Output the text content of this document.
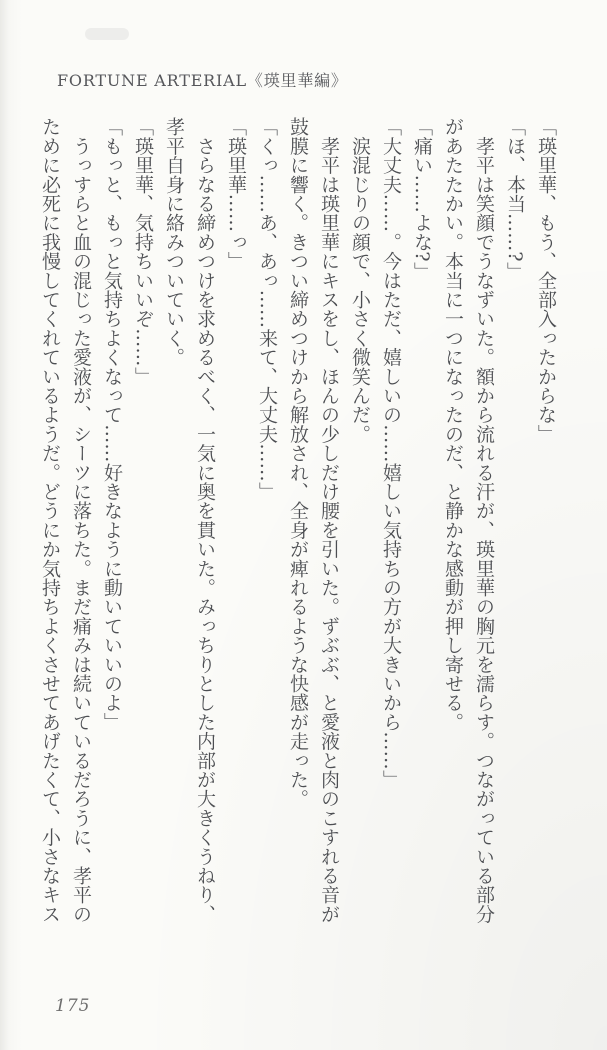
FORTUNE ARTERIAL《瑛里華編》
「瑛里華、もう、全部入ったからな」
「ほ、本当……?」
　孝平は笑顔でうなずいた。額から流れる汗が、瑛里華の胸元を濡らす。つながっている部分
があたたかい。本当に一つになったのだ、と静かな感動が押し寄せる。
「痛い……よな?」
「大丈夫……。今はただ、嬉しいの……嬉しい気持ちの方が大きいから……」
　涙混じりの顔で、小さく微笑んだ。
　孝平は瑛里華にキスをし、ほんの少しだけ腰を引いた。ずぶぶ、と愛液と肉のこすれる音が
鼓膜に響く。きつい締めつけから解放され、全身が痺れるような快感が走った。
「くっ……あ、あっ……来て、大丈夫……」
「瑛里華……っ」
　さらなる締めつけを求めるべく、一気に奥を貫いた。みっちりとした内部が大きくうねり、
孝平自身に絡みついていく。
「瑛里華、気持ちいいぞ……」
「もっと、もっと気持ちよくなって……好きなように動いていいのよ」
　うっすらと血の混じった愛液が、シーツに落ちた。まだ痛みは続いているだろうに、孝平の
ために必死に我慢してくれているようだ。どうにか気持ちよくさせてあげたくて、小さなキス
175
